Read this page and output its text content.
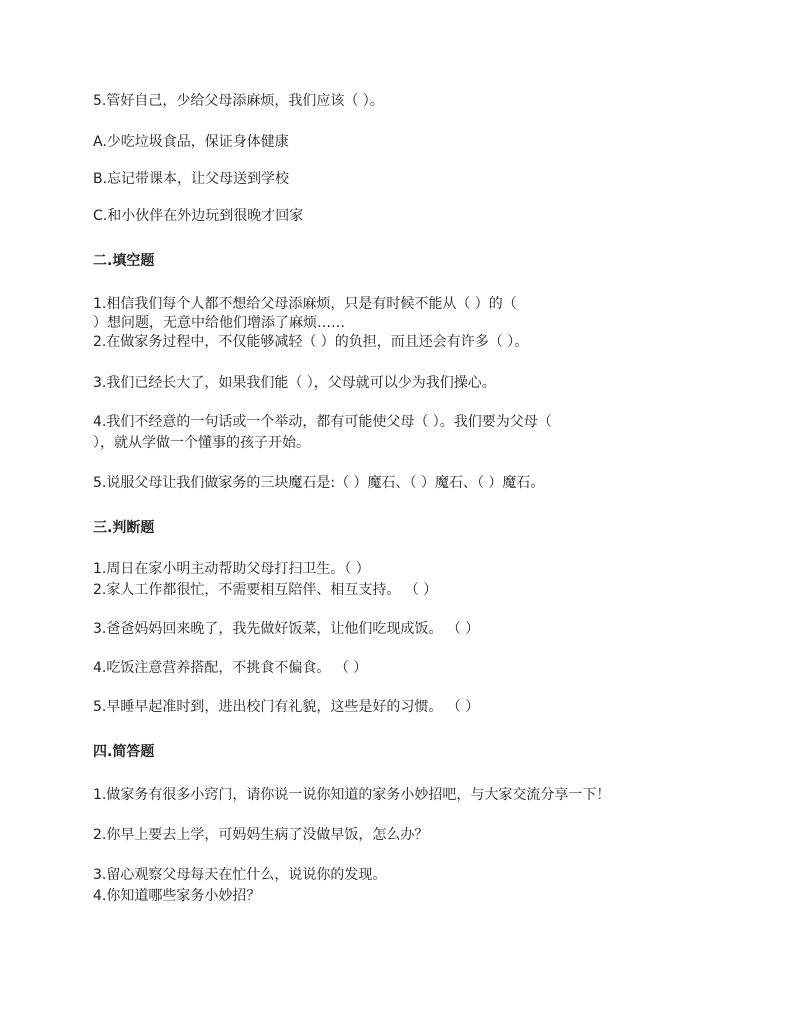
5.管好自己，少给父母添麻烦，我们应该（ ）。
A.少吃垃圾食品，保证身体健康
B.忘记带课本，让父母送到学校
C.和小伙伴在外边玩到很晚才回家
二.填空题
1.相信我们每个人都不想给父母添麻烦，只是有时候不能从（ ）的（
）想问题，无意中给他们增添了麻烦……
2.在做家务过程中，不仅能够减轻（ ）的负担，而且还会有许多（ ）。
3.我们已经长大了，如果我们能（ ），父母就可以少为我们操心。
4.我们不经意的一句话或一个举动，都有可能使父母（ ）。我们要为父母（
），就从学做一个懂事的孩子开始。
5.说服父母让我们做家务的三块魔石是:（ ）魔石、（ ）魔石、（ ）魔石。
三.判断题
1.周日在家小明主动帮助父母打扫卫生。（ ）
2.家人工作都很忙，不需要相互陪伴、相互支持。 （ ）
3.爸爸妈妈回来晚了，我先做好饭菜，让他们吃现成饭。 （ ）
4.吃饭注意营养搭配，不挑食不偏食。 （ ）
5.早睡早起准时到，进出校门有礼貌，这些是好的习惯。 （ ）
四.简答题
1.做家务有很多小窍门，请你说一说你知道的家务小妙招吧，与大家交流分享一下！
2.你早上要去上学，可妈妈生病了没做早饭，怎么办？
3.留心观察父母每天在忙什么，说说你的发现。
4.你知道哪些家务小妙招？
